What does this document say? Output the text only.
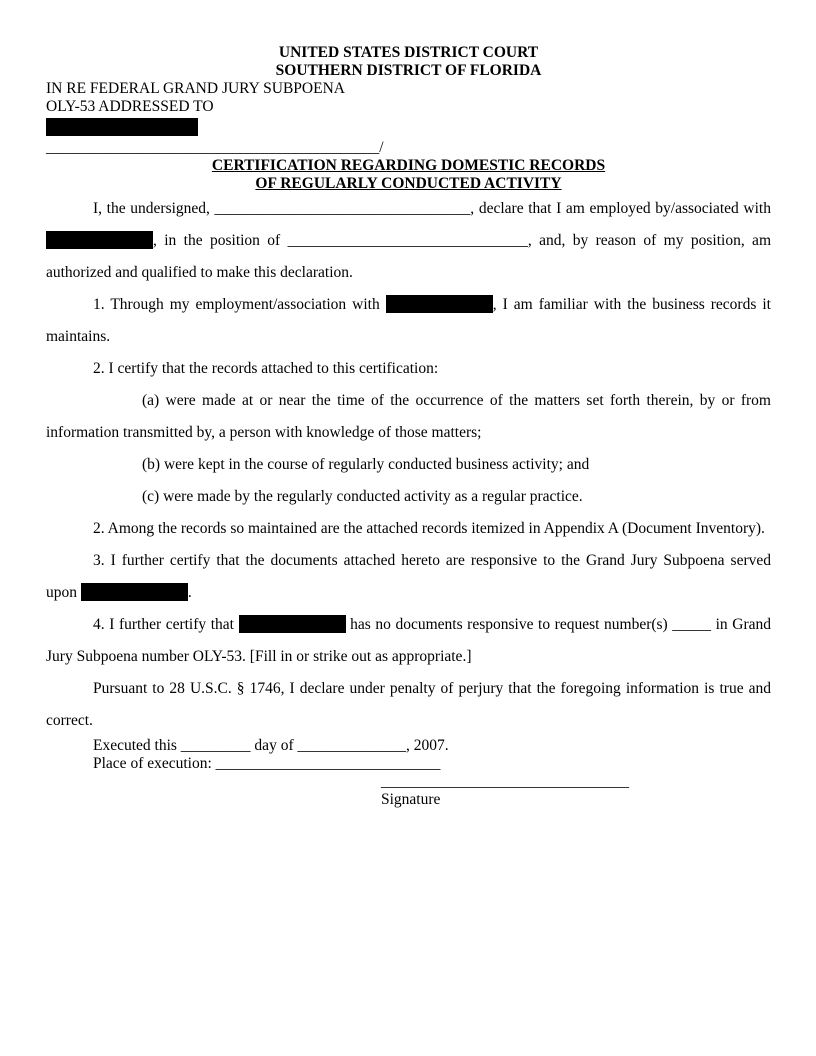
UNITED STATES DISTRICT COURT
SOUTHERN DISTRICT OF FLORIDA
IN RE FEDERAL GRAND JURY SUBPOENA
OLY-53 ADDRESSED TO
___________________________________________/
CERTIFICATION REGARDING DOMESTIC RECORDS
OF REGULARLY CONDUCTED ACTIVITY

I, the undersigned, _________________________________, declare that I am employed by/associated with , in the position of _______________________________, and, by reason of my position, am authorized and qualified to make this declaration.

1. Through my employment/association with	, I am familiar with the business records it maintains.

2. I certify that the records attached to this certification:

(a) were made at or near the time of the occurrence of the matters set forth therein, by or from information transmitted by, a person with knowledge of those matters;

(b) were kept in the course of regularly conducted business activity; and

(c) were made by the regularly conducted activity as a regular practice.

2. Among the records so maintained are the attached records itemized in Appendix A (Document Inventory).

3. I further certify that the documents attached hereto are responsive to the Grand Jury Subpoena served upon	.

4. I further certify that	has no documents responsive to request number(s) _____ in Grand Jury Subpoena number OLY-53. [Fill in or strike out as appropriate.]

Pursuant to 28 U.S.C. § 1746, I declare under penalty of perjury that the foregoing information is true and correct.

Executed this _________ day of ______________, 2007.
Place of execution: _____________________________
________________________________
Signature
